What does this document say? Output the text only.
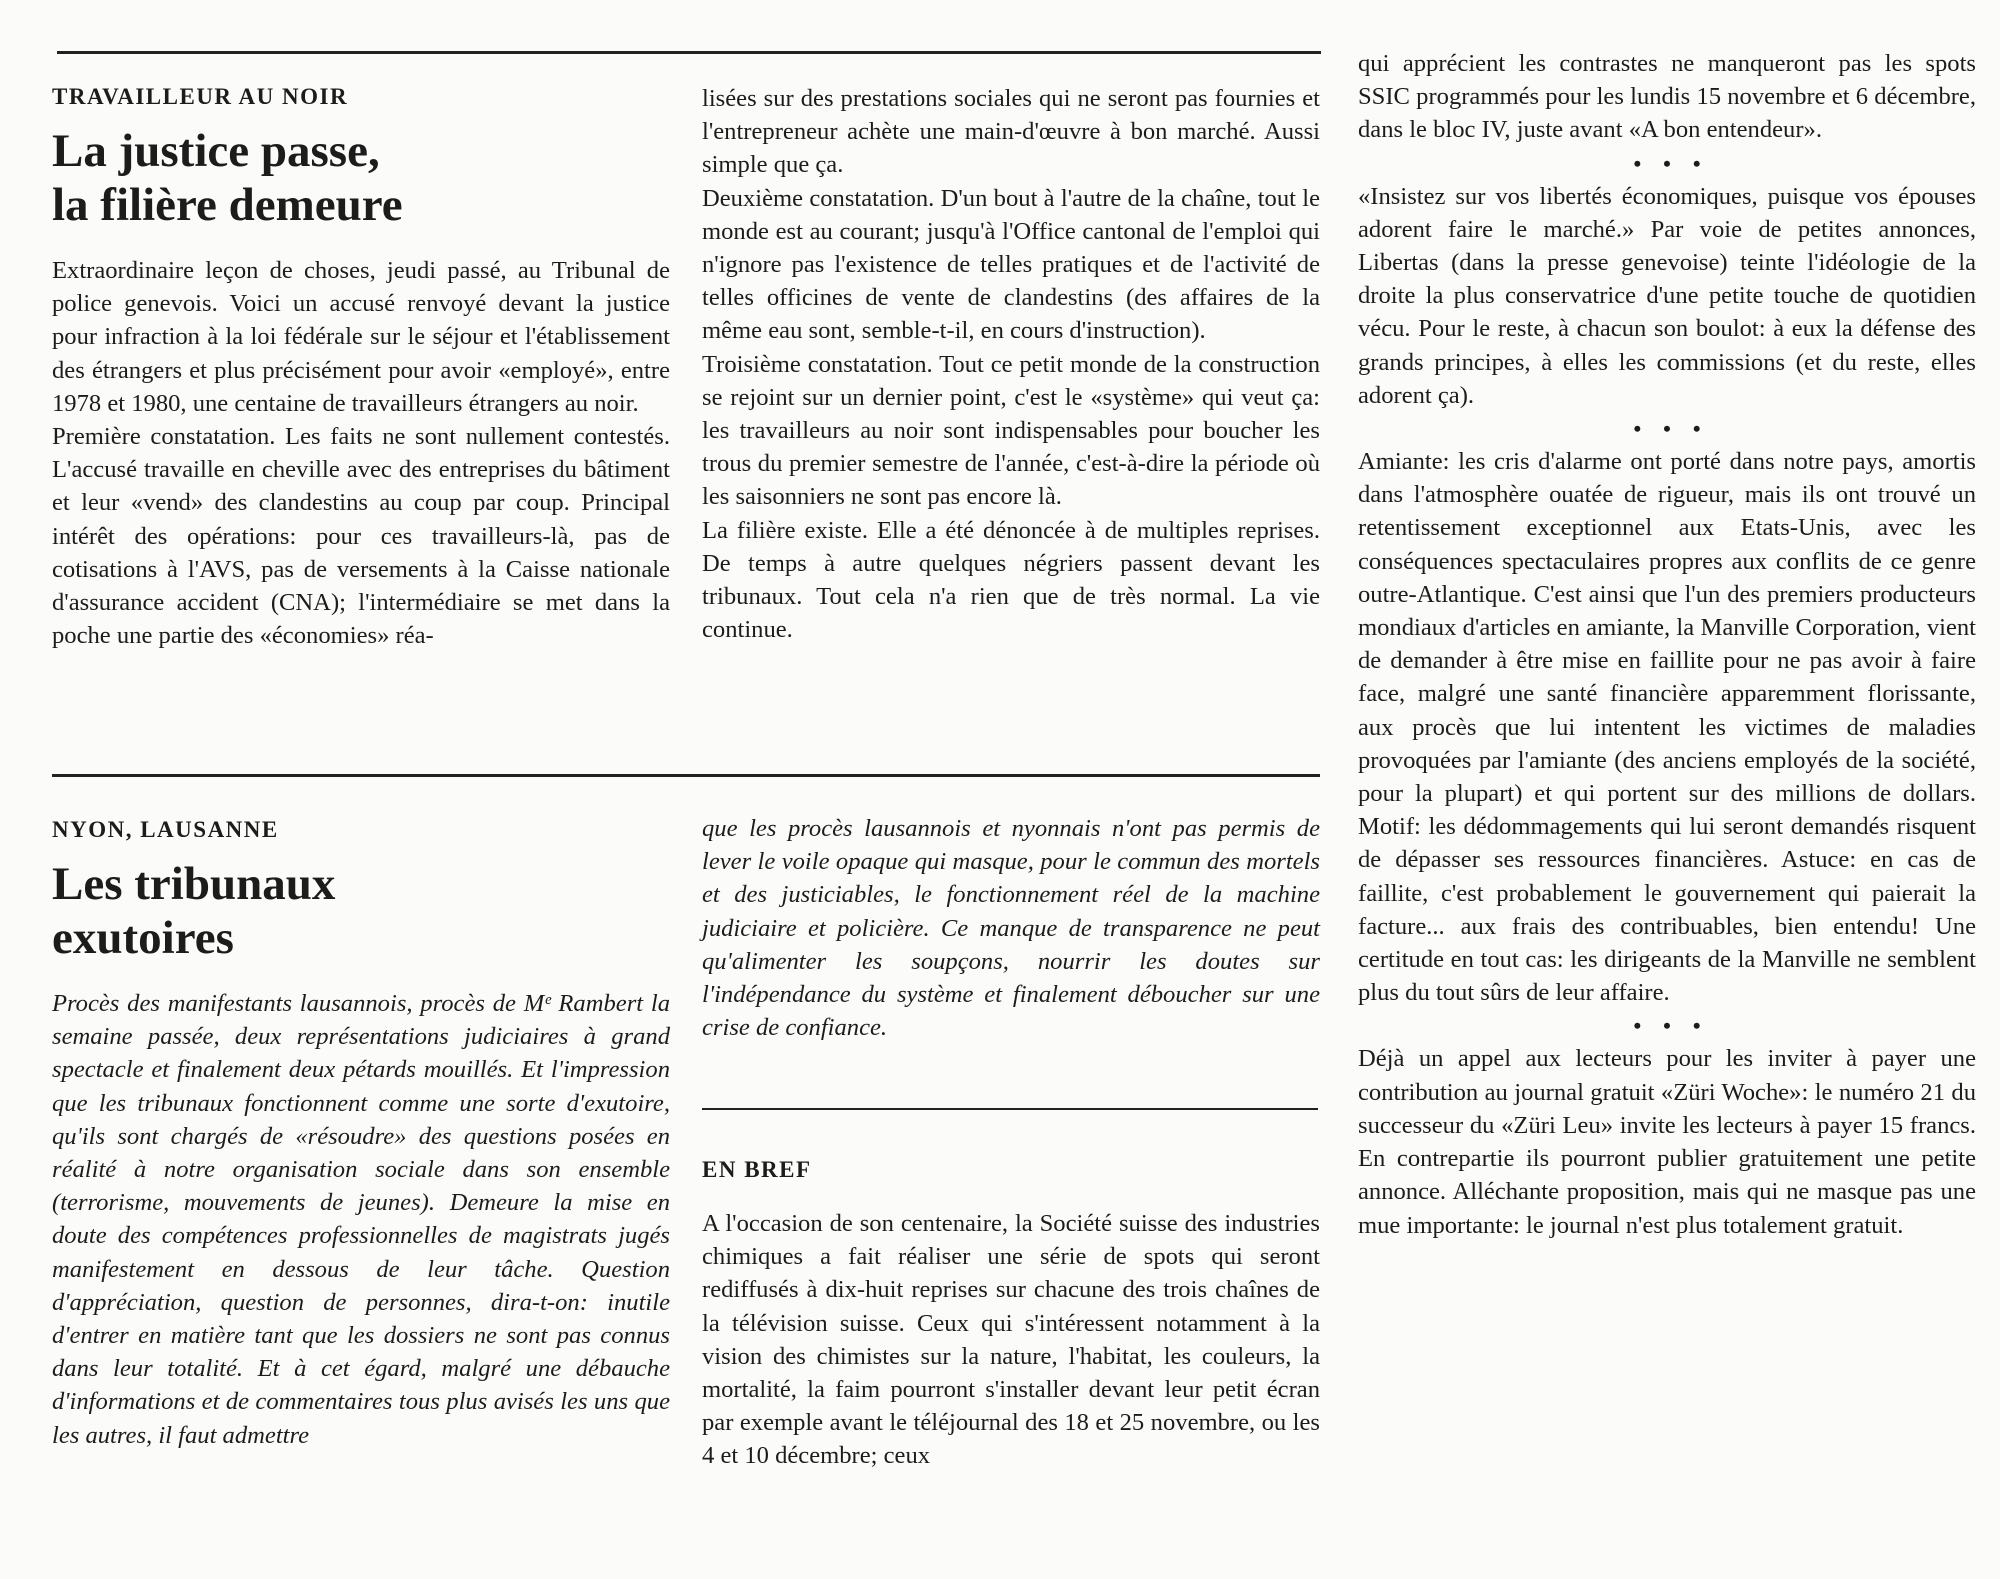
TRAVAILLEUR AU NOIR
La justice passe,
la filière demeure

Extraordinaire leçon de choses, jeudi passé, au Tribunal de police genevois. Voici un accusé renvoyé devant la justice pour infraction à la loi fédérale sur le séjour et l'établissement des étrangers et plus précisément pour avoir «employé», entre 1978 et 1980, une centaine de travailleurs étrangers au noir.

Première constatation. Les faits ne sont nullement contestés. L'accusé travaille en cheville avec des entreprises du bâtiment et leur «vend» des clandestins au coup par coup. Principal intérêt des opérations: pour ces travailleurs-là, pas de cotisations à l'AVS, pas de versements à la Caisse nationale d'assurance accident (CNA); l'intermédiaire se met dans la poche une partie des «économies» réa-

lisées sur des prestations sociales qui ne seront pas fournies et l'entrepreneur achète une main-d'œuvre à bon marché. Aussi simple que ça.

Deuxième constatation. D'un bout à l'autre de la chaîne, tout le monde est au courant; jusqu'à l'Office cantonal de l'emploi qui n'ignore pas l'existence de telles pratiques et de l'activité de telles officines de vente de clandestins (des affaires de la même eau sont, semble-t-il, en cours d'instruction).

Troisième constatation. Tout ce petit monde de la construction se rejoint sur un dernier point, c'est le «système» qui veut ça: les travailleurs au noir sont indispensables pour boucher les trous du premier semestre de l'année, c'est-à-dire la période où les saisonniers ne sont pas encore là.

La filière existe. Elle a été dénoncée à de multiples reprises. De temps à autre quelques négriers passent devant les tribunaux. Tout cela n'a rien que de très normal. La vie continue.

NYON, LAUSANNE
Les tribunaux
exutoires

Procès des manifestants lausannois, procès de Mᵉ Rambert la semaine passée, deux représentations judiciaires à grand spectacle et finalement deux pétards mouillés. Et l'impression que les tribunaux fonctionnent comme une sorte d'exutoire, qu'ils sont chargés de «résoudre» des questions posées en réalité à notre organisation sociale dans son ensemble (terrorisme, mouvements de jeunes). Demeure la mise en doute des compétences professionnelles de magistrats jugés manifestement en dessous de leur tâche. Question d'appréciation, question de personnes, dira-t-on: inutile d'entrer en matière tant que les dossiers ne sont pas connus dans leur totalité. Et à cet égard, malgré une débauche d'informations et de commentaires tous plus avisés les uns que les autres, il faut admettre

que les procès lausannois et nyonnais n'ont pas permis de lever le voile opaque qui masque, pour le commun des mortels et des justiciables, le fonctionnement réel de la machine judiciaire et policière. Ce manque de transparence ne peut qu'alimenter les soupçons, nourrir les doutes sur l'indépendance du système et finalement déboucher sur une crise de confiance.

EN BREF

A l'occasion de son centenaire, la Société suisse des industries chimiques a fait réaliser une série de spots qui seront rediffusés à dix-huit reprises sur chacune des trois chaînes de la télévision suisse. Ceux qui s'intéressent notamment à la vision des chimistes sur la nature, l'habitat, les couleurs, la mortalité, la faim pourront s'installer devant leur petit écran par exemple avant le téléjournal des 18 et 25 novembre, ou les 4 et 10 décembre; ceux

qui apprécient les contrastes ne manqueront pas les spots SSIC programmés pour les lundis 15 novembre et 6 décembre, dans le bloc IV, juste avant «A bon entendeur».

•••

«Insistez sur vos libertés économiques, puisque vos épouses adorent faire le marché.» Par voie de petites annonces, Libertas (dans la presse genevoise) teinte l'idéologie de la droite la plus conservatrice d'une petite touche de quotidien vécu. Pour le reste, à chacun son boulot: à eux la défense des grands principes, à elles les commissions (et du reste, elles adorent ça).

•••

Amiante: les cris d'alarme ont porté dans notre pays, amortis dans l'atmosphère ouatée de rigueur, mais ils ont trouvé un retentissement exceptionnel aux Etats-Unis, avec les conséquences spectaculaires propres aux conflits de ce genre outre-Atlantique. C'est ainsi que l'un des premiers producteurs mondiaux d'articles en amiante, la Manville Corporation, vient de demander à être mise en faillite pour ne pas avoir à faire face, malgré une santé financière apparemment florissante, aux procès que lui intentent les victimes de maladies provoquées par l'amiante (des anciens employés de la société, pour la plupart) et qui portent sur des millions de dollars. Motif: les dédommagements qui lui seront demandés risquent de dépasser ses ressources financières. Astuce: en cas de faillite, c'est probablement le gouvernement qui paierait la facture... aux frais des contribuables, bien entendu! Une certitude en tout cas: les dirigeants de la Manville ne semblent plus du tout sûrs de leur affaire.

•••

Déjà un appel aux lecteurs pour les inviter à payer une contribution au journal gratuit «Züri Woche»: le numéro 21 du successeur du «Züri Leu» invite les lecteurs à payer 15 francs. En contrepartie ils pourront publier gratuitement une petite annonce. Alléchante proposition, mais qui ne masque pas une mue importante: le journal n'est plus totalement gratuit.
